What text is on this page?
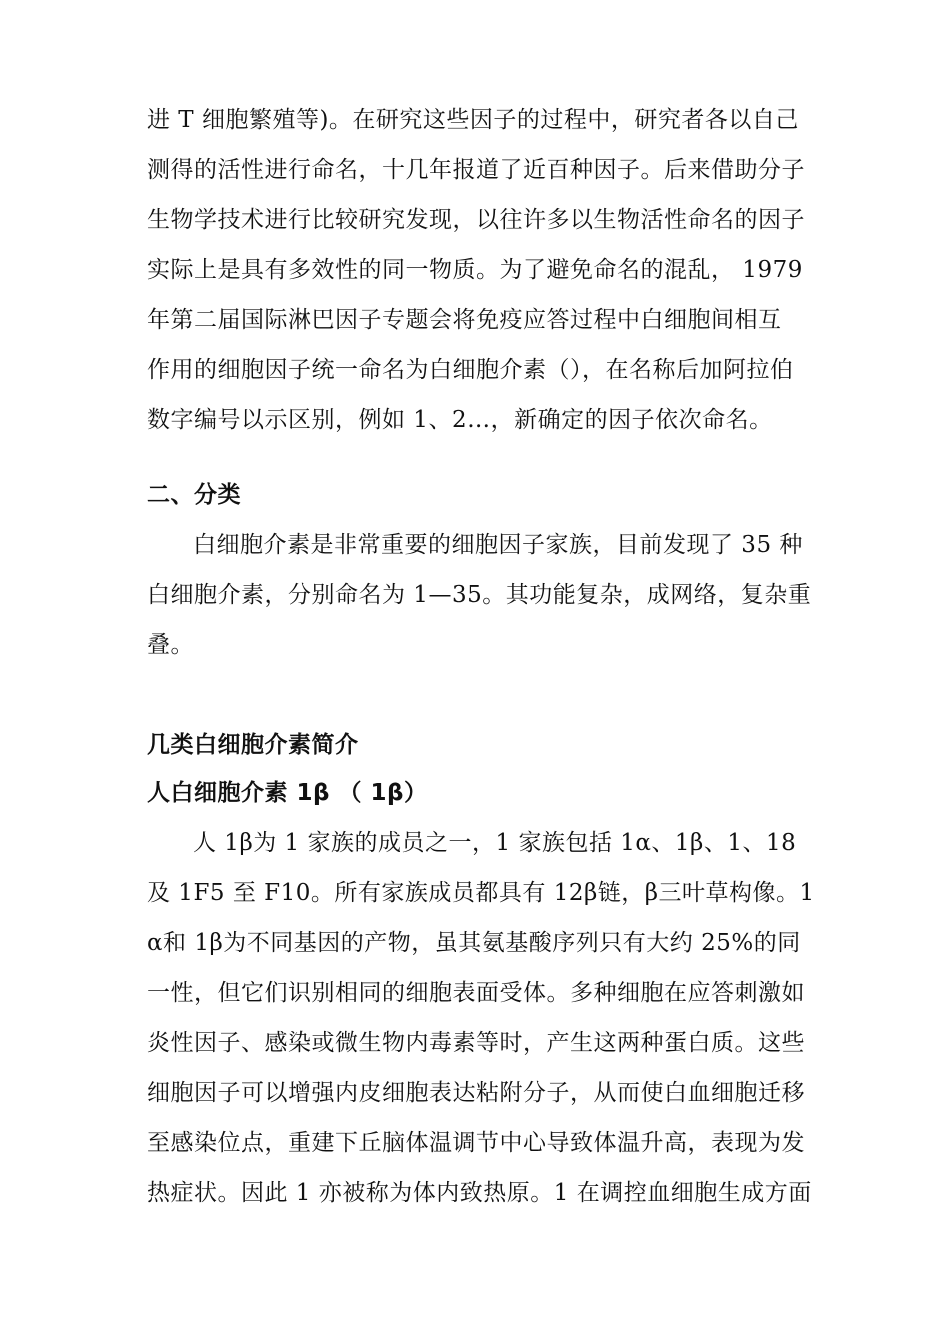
进 T 细胞繁殖等)。在研究这些因子的过程中，研究者各以自己
测得的活性进行命名，十几年报道了近百种因子。后来借助分子
生物学技术进行比较研究发现，以往许多以生物活性命名的因子
实际上是具有多效性的同一物质。为了避免命名的混乱， 1979
年第二届国际淋巴因子专题会将免疫应答过程中白细胞间相互
作用的细胞因子统一命名为白细胞介素（），在名称后加阿拉伯
数字编号以示区别，例如 1、2…，新确定的因子依次命名。
二、分类
白细胞介素是非常重要的细胞因子家族，目前发现了 35 种
白细胞介素，分别命名为 1—35。其功能复杂，成网络，复杂重
叠。
几类白细胞介素简介
人白细胞介素 1β （ 1β）
人 1β为 1 家族的成员之一，1 家族包括 1α、1β、1、18
及 1F5 至 F10。所有家族成员都具有 12β链，β三叶草构像。1
α和 1β为不同基因的产物，虽其氨基酸序列只有大约 25%的同
一性，但它们识别相同的细胞表面受体。多种细胞在应答刺激如
炎性因子、感染或微生物内毒素等时，产生这两种蛋白质。这些
细胞因子可以增强内皮细胞表达粘附分子，从而使白血细胞迁移
至感染位点，重建下丘脑体温调节中心导致体温升高，表现为发
热症状。因此 1 亦被称为体内致热原。1 在调控血细胞生成方面
